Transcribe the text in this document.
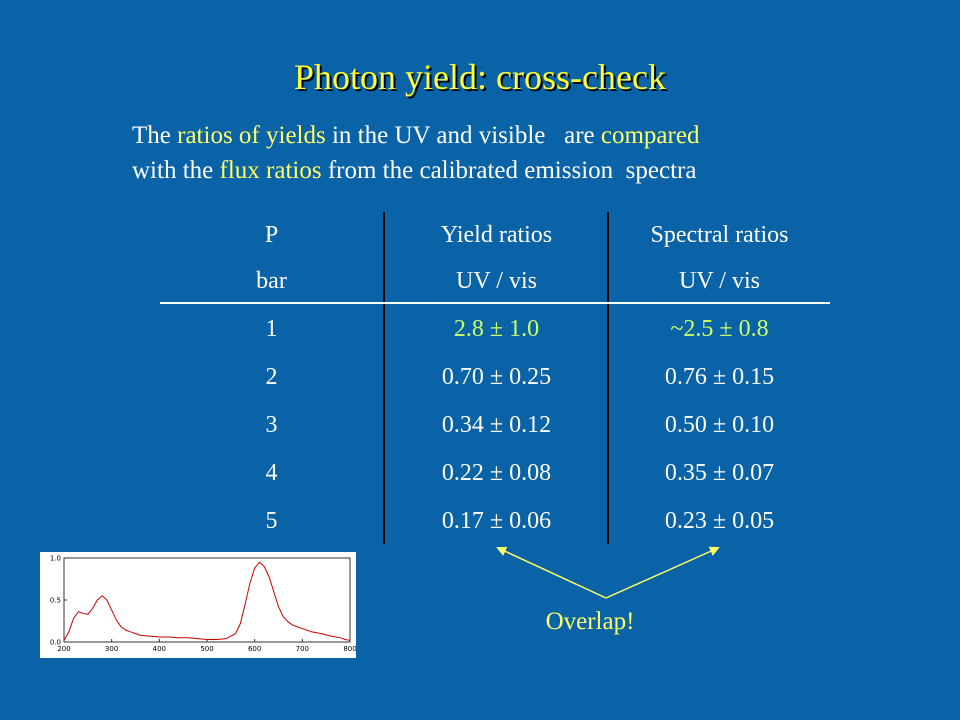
Photon yield: cross-check
The ratios of yields in the UV and visible   are compared
with the flux ratios from the calibrated emission  spectra
P	Yield ratios	Spectral ratios
bar	UV / vis	UV / vis
1	2.8 ± 1.0	~2.5 ± 0.8
2	0.70 ± 0.25	0.76 ± 0.15
3	0.34 ± 0.12	0.50 ± 0.10
4	0.22 ± 0.08	0.35 ± 0.07
5	0.17 ± 0.06	0.23 ± 0.05
200	300	400	500	600	700	800
0.0
0.5
1.0
Overlap!
